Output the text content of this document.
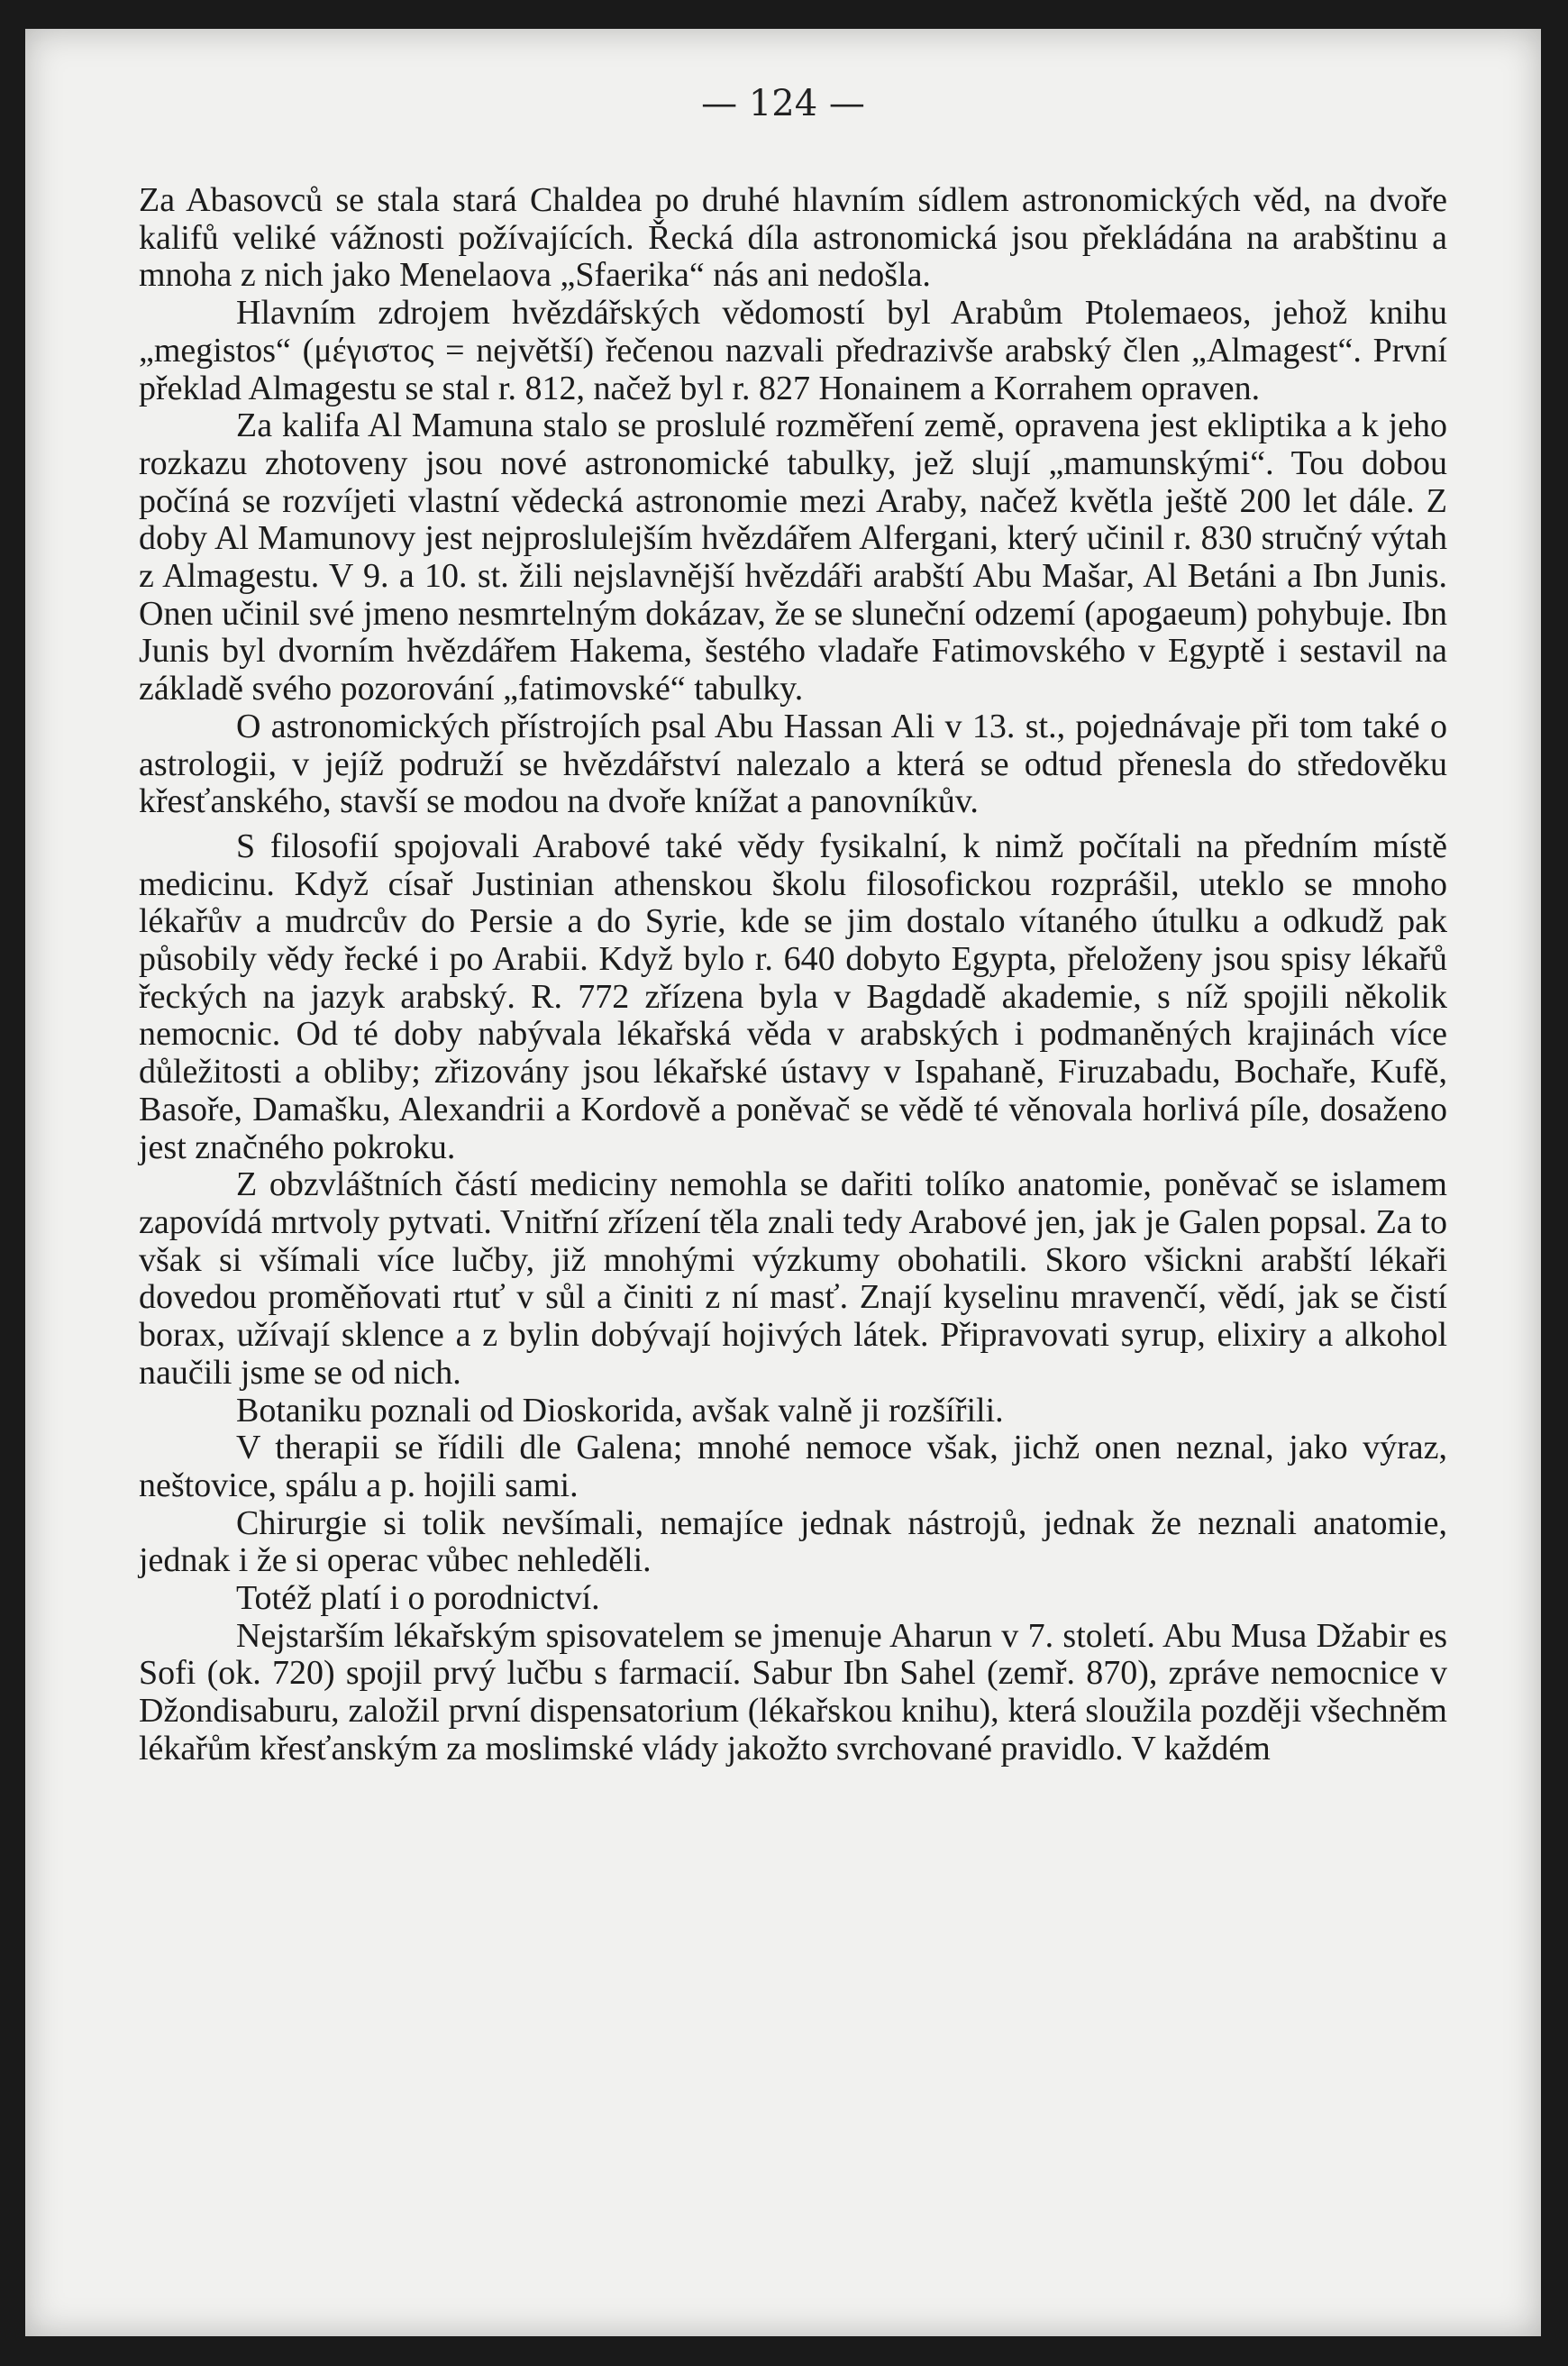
— 124 —

Za Abasovců se stala stará Chaldea po druhé hlavním sídlem astronomických věd, na dvoře kalifů veliké vážnosti požívajících. Řecká díla astronomická jsou překládána na arabštinu a mnoha z nich jako Menelaova „Sfaerika“ nás ani nedošla.

Hlavním zdrojem hvězdářských vědomostí byl Arabům Ptolemaeos, jehož knihu „megistos“ (μέγιστος = největší) řečenou nazvali předrazivše arabský člen „Almagest“. První překlad Almagestu se stal r. 812, načež byl r. 827 Honainem a Korrahem opraven.

Za kalifa Al Mamuna stalo se proslulé rozměření země, opravena jest ekliptika a k jeho rozkazu zhotoveny jsou nové astronomické tabulky, jež slují „mamunskými“. Tou dobou počíná se rozvíjeti vlastní vědecká astronomie mezi Araby, načež květla ještě 200 let dále. Z doby Al Mamunovy jest nejproslulejším hvězdářem Alfergani, který učinil r. 830 stručný výtah z Almagestu. V 9. a 10. st. žili nejslavnější hvězdáři arabští Abu Mašar, Al Betáni a Ibn Junis. Onen učinil své jmeno nesmrtelným dokázav, že se sluneční odzemí (apogaeum) pohybuje. Ibn Junis byl dvorním hvězdářem Hakema, šestého vladaře Fatimovského v Egyptě i sestavil na základě svého pozorování „fatimovské“ tabulky.

O astronomických přístrojích psal Abu Hassan Ali v 13. st., pojednávaje při tom také o astrologii, v jejíž podruží se hvězdářství nalezalo a která se odtud přenesla do středověku křesťanského, stavší se modou na dvoře knížat a panovníkův.

S filosofií spojovali Arabové také vědy fysikalní, k nimž počítali na předním místě medicinu. Když císař Justinian athenskou školu filosofickou rozprášil, uteklo se mnoho lékařův a mudrcův do Persie a do Syrie, kde se jim dostalo vítaného útulku a odkudž pak působily vědy řecké i po Arabii. Když bylo r. 640 dobyto Egypta, přeloženy jsou spisy lékařů řeckých na jazyk arabský. R. 772 zřízena byla v Bagdadě akademie, s níž spojili několik nemocnic. Od té doby nabývala lékařská věda v arabských i podmaněných krajinách více důležitosti a obliby; zřizovány jsou lékařské ústavy v Ispahaně, Firuzabadu, Bochaře, Kufě, Basoře, Damašku, Alexandrii a Kordově a poněvač se vědě té věnovala horlivá píle, dosaženo jest značného pokroku.

Z obzvláštních částí mediciny nemohla se dařiti tolíko anatomie, poněvač se islamem zapovídá mrtvoly pytvati. Vnitřní zřízení těla znali tedy Arabové jen, jak je Galen popsal. Za to však si všímali více lučby, již mnohými výzkumy obohatili. Skoro všickni arabští lékaři dovedou proměňovati rtuť v sůl a činiti z ní masť. Znají kyselinu mravenčí, vědí, jak se čistí borax, užívají sklence a z bylin dobývají hojivých látek. Připravovati syrup, elixiry a alkohol naučili jsme se od nich.

Botaniku poznali od Dioskorida, avšak valně ji rozšířili.

V therapii se řídili dle Galena; mnohé nemoce však, jichž onen neznal, jako výraz, neštovice, spálu a p. hojili sami.

Chirurgie si tolik nevšímali, nemajíce jednak nástrojů, jednak že neznali anatomie, jednak i že si operac vůbec nehleděli.

Totéž platí i o porodnictví.

Nejstarším lékařským spisovatelem se jmenuje Aharun v 7. století. Abu Musa Džabir es Sofi (ok. 720) spojil prvý lučbu s farmacií. Sabur Ibn Sahel (zemř. 870), zpráve nemocnice v Džondisaburu, založil první dispensatorium (lékařskou knihu), která sloužila později všechněm lékařům křesťanským za moslimské vlády jakožto svrchované pravidlo. V každém
